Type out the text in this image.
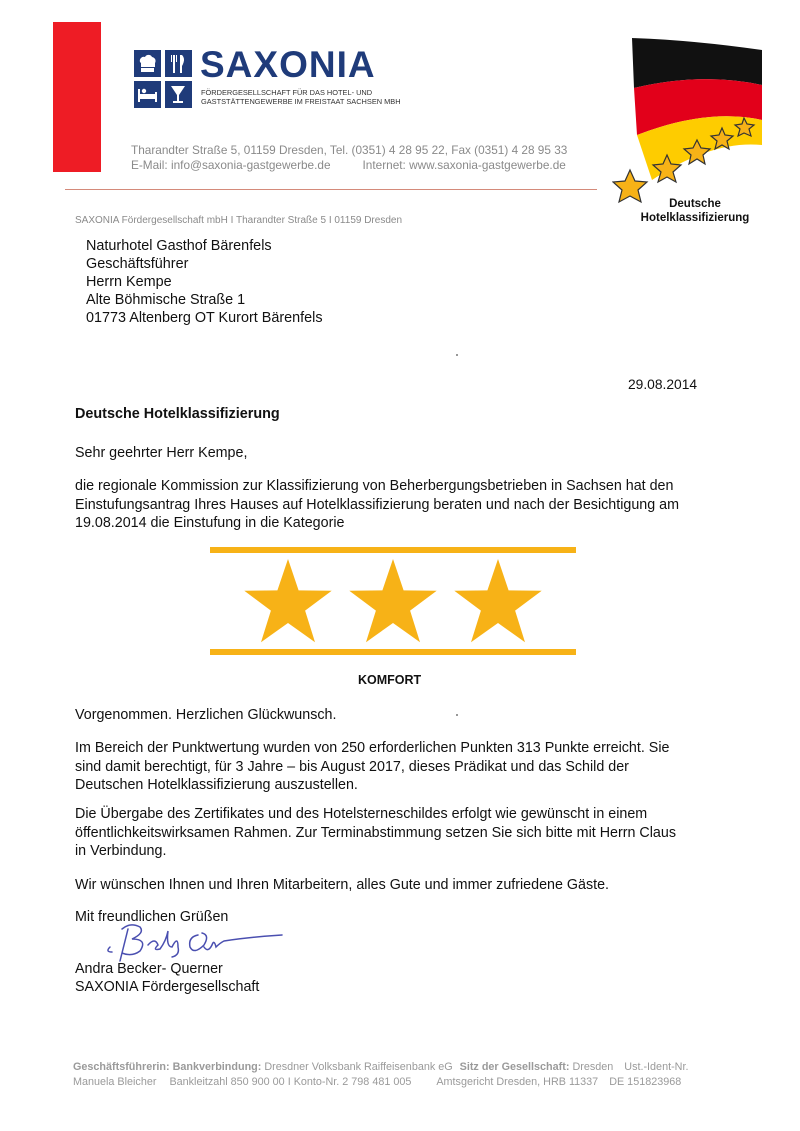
SAXONIA
FÖRDERGESELLSCHAFT FÜR DAS HOTEL- UND
GASTSTÄTTENGEWERBE IM FREISTAAT SACHSEN MBH
Tharandter Straße 5, 01159 Dresden, Tel. (0351) 4 28 95 22, Fax (0351) 4 28 95 33
E-Mail: info@saxonia-gastgewerbe.de	Internet: www.saxonia-gastgewerbe.de
Deutsche
Hotelklassifizierung
SAXONIA Fördergesellschaft mbH I Tharandter Straße 5 I 01159 Dresden
Naturhotel Gasthof Bärenfels
Geschäftsführer
Herrn Kempe
Alte Böhmische Straße 1
01773 Altenberg OT Kurort Bärenfels
29.08.2014
Deutsche Hotelklassifizierung
Sehr geehrter Herr Kempe,
die regionale Kommission zur Klassifizierung von Beherbergungsbetrieben in Sachsen hat den
Einstufungsantrag Ihres Hauses auf Hotelklassifizierung beraten und nach der Besichtigung am
19.08.2014 die Einstufung in die Kategorie
KOMFORT
Vorgenommen. Herzlichen Glückwunsch.
Im Bereich der Punktwertung wurden von 250 erforderlichen Punkten 313 Punkte erreicht. Sie
sind damit berechtigt, für 3 Jahre – bis August 2017, dieses Prädikat und das Schild der
Deutschen Hotelklassifizierung auszustellen.
Die Übergabe des Zertifikates und des Hotelsterneschildes erfolgt wie gewünscht in einem
öffentlichkeitswirksamen Rahmen. Zur Terminabstimmung setzen Sie sich bitte mit Herrn Claus
in Verbindung.
Wir wünschen Ihnen und Ihren Mitarbeitern, alles Gute und immer zufriedene Gäste.
Mit freundlichen Grüßen
Andra Becker- Querner
SAXONIA Fördergesellschaft
Geschäftsführerin: Bankverbindung: Dresdner Volksbank Raiffeisenbank eG Sitz der Gesellschaft: Dresden Ust.-Ident-Nr.
Manuela Bleicher Bankleitzahl 850 900 00 I Konto-Nr. 2 798 481 005 Amtsgericht Dresden, HRB 11337 DE 151823968
